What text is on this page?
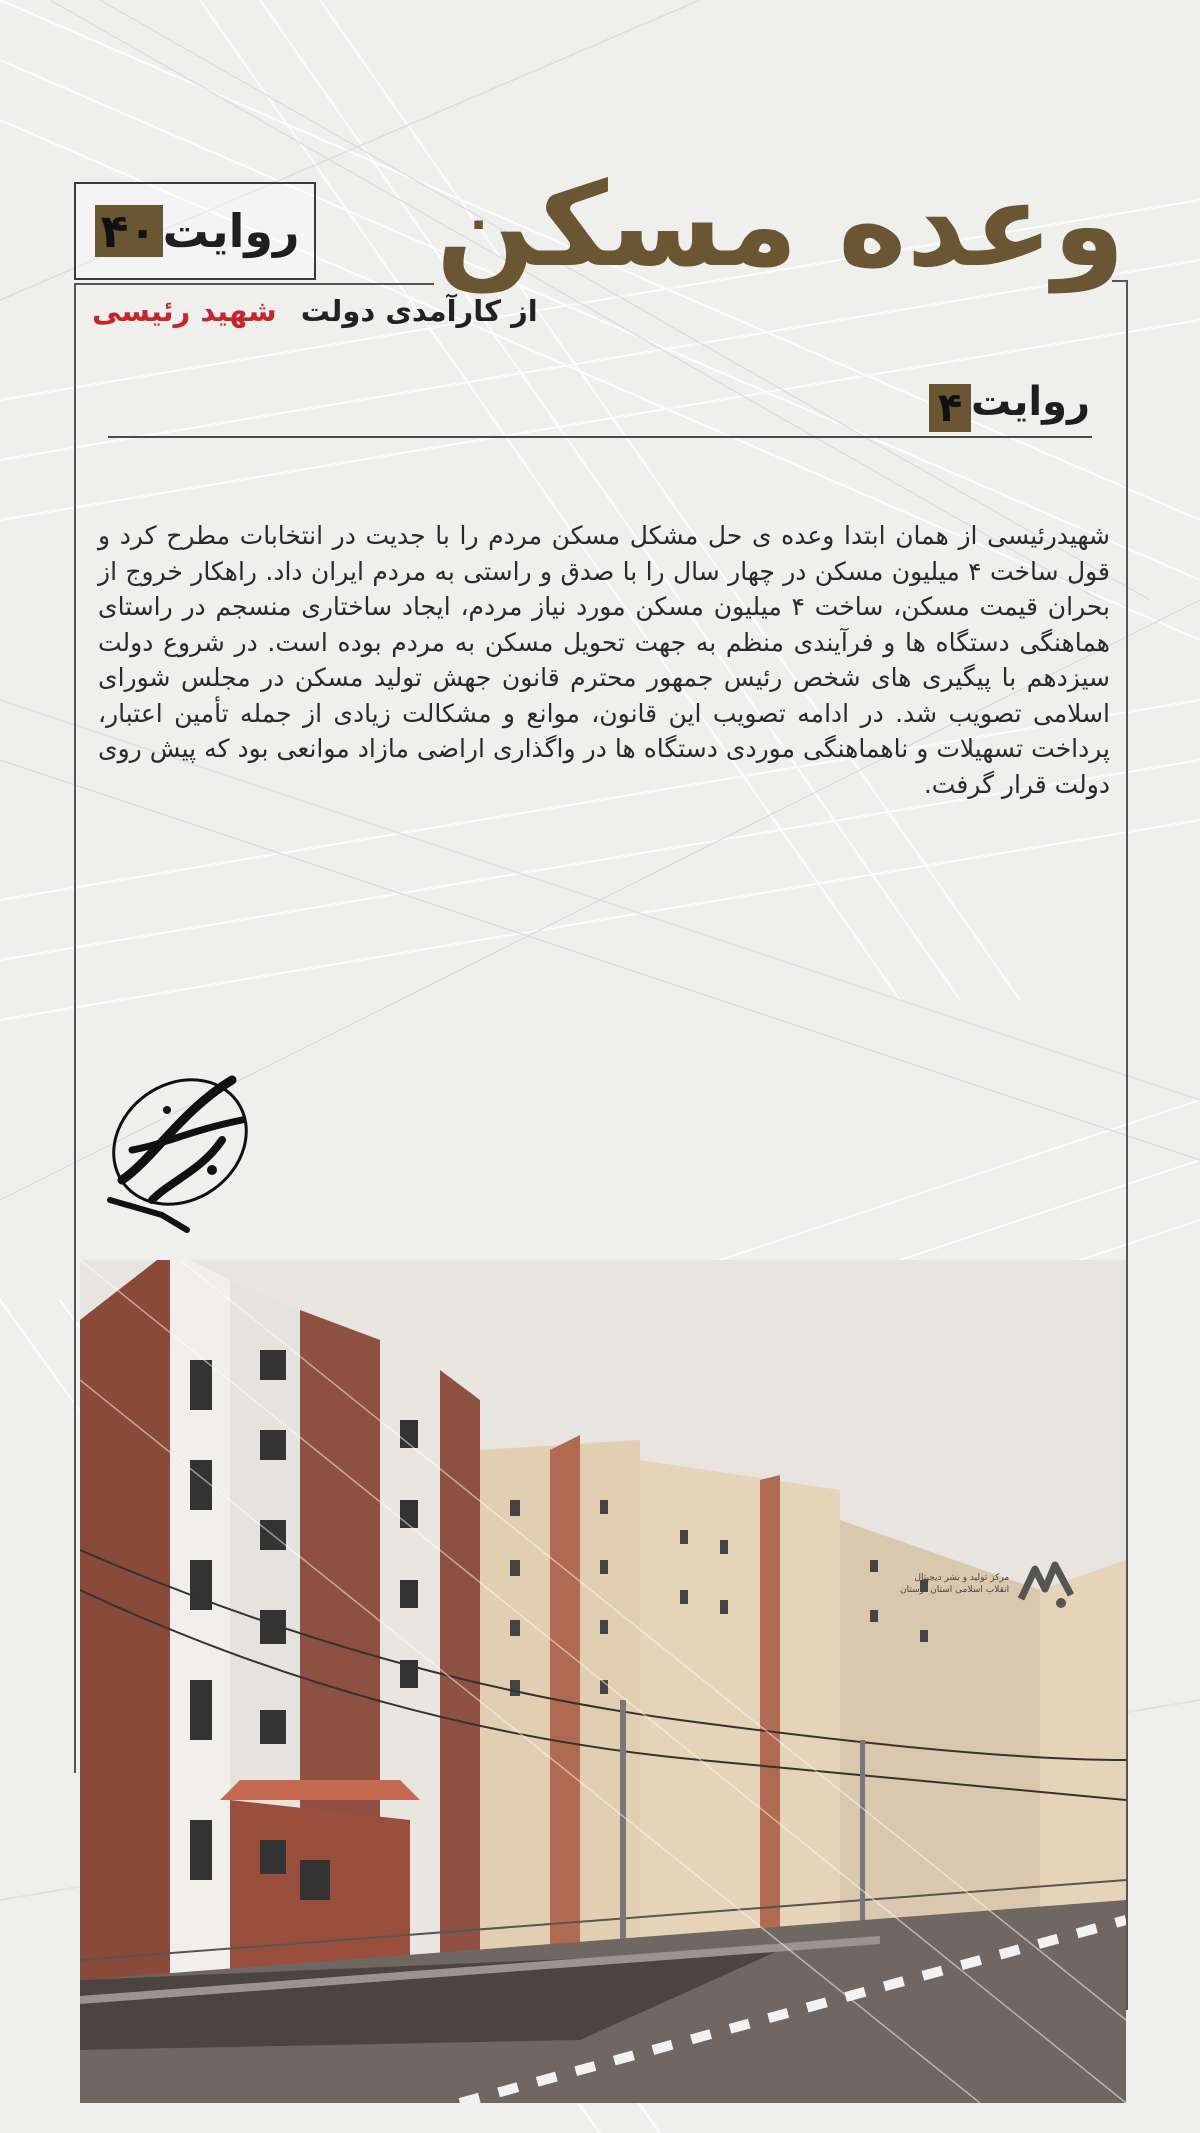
وعده مسکن
روایت
۴۰
از کارآمدی دولت شهید رئیسی
روایت
۴
شهیدرئیسی از همان ابتدا وعده ی حل مشکل مسکن مردم را با جدیت در انتخابات مطرح کرد و قول ساخت ۴ میلیون مسکن در چهار سال را با صدق و راستی به مردم ایران داد. راهکار خروج از بحران قیمت مسکن، ساخت ۴ میلیون مسکن مورد نیاز مردم، ایجاد ساختاری منسجم در راستای هماهنگی دستگاه ها و فرآیندی منظم به جهت تحویل مسکن به مردم بوده است. در شروع دولت سیزدهم با پیگیری های شخص رئیس جمهور محترم قانون جهش تولید مسکن در مجلس شورای اسلامی تصویب شد. در ادامه تصویب این قانون، موانع و مشکالت زیادی از جمله تأمین اعتبار، پرداخت تسهیلات و ناهماهنگی موردی دستگاه ها در واگذاری اراضی مازاد موانعی بود که پیش روی دولت قرار گرفت.
مرکز تولید و نشر دیجیتال
انقلاب اسلامی استان لرستان
